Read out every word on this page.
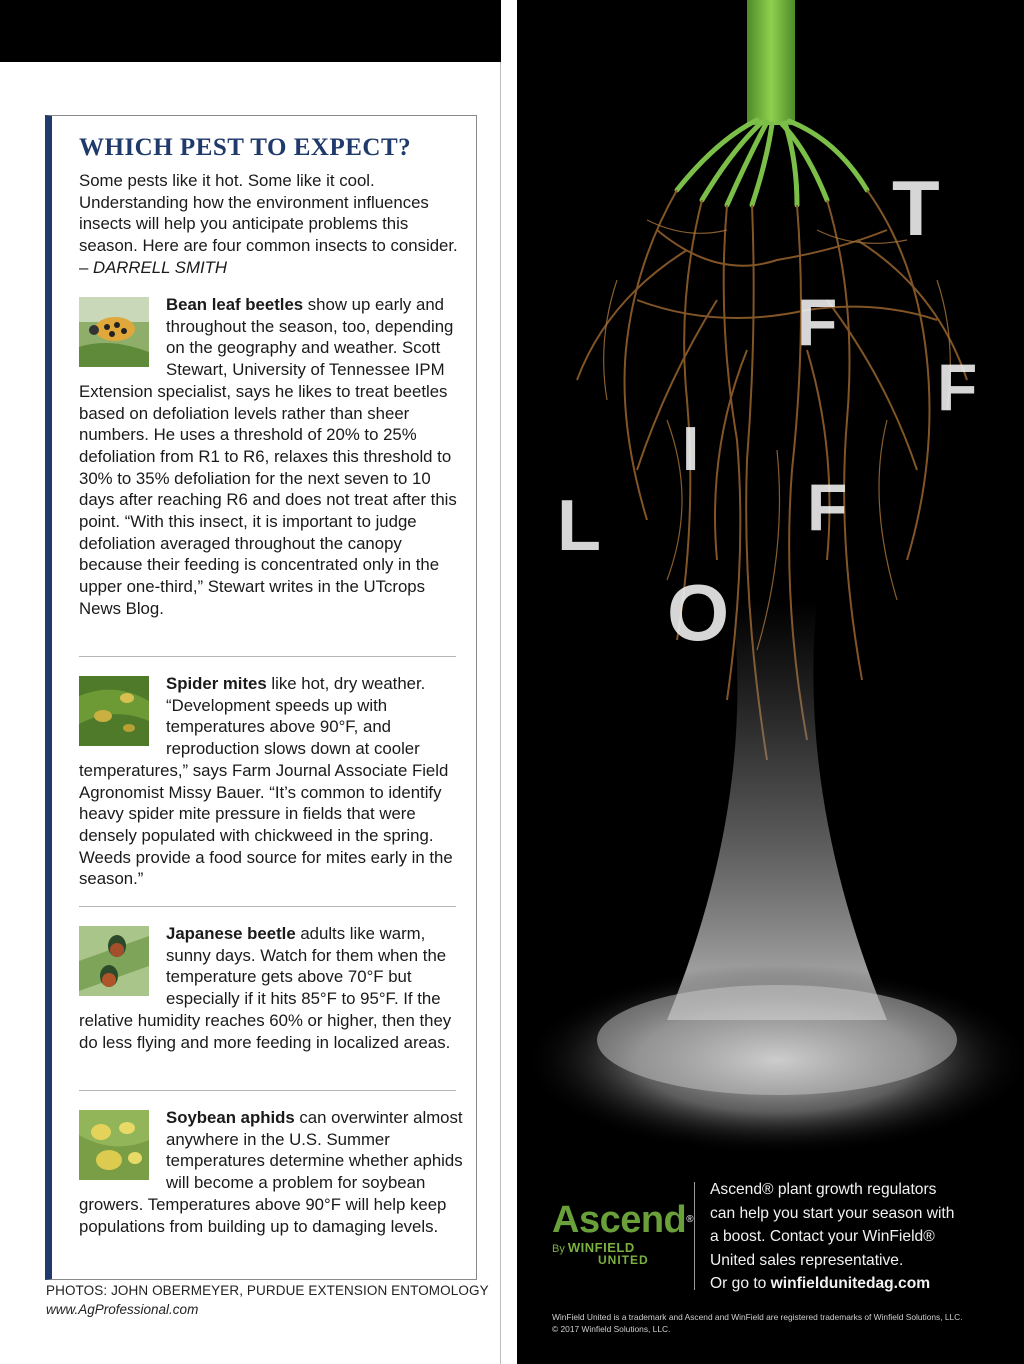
WHICH PEST TO EXPECT?

Some pests like it hot. Some like it cool. Understanding how the environment influences insects will help you anticipate problems this season. Here are four common insects to consider. – DARRELL SMITH

Bean leaf beetles show up early and throughout the season, too, depending on the geography and weather. Scott Stewart, University of Tennessee IPM Extension specialist, says he likes to treat beetles based on defoliation levels rather than sheer numbers. He uses a threshold of 20% to 25% defoliation from R1 to R6, relaxes this threshold to 30% to 35% defoliation for the next seven to 10 days after reaching R6 and does not treat after this point. “With this insect, it is important to judge defoliation averaged throughout the canopy because their feeding is concentrated only in the upper one-third,” Stewart writes in the UTcrops News Blog.

Spider mites like hot, dry weather. “Development speeds up with temperatures above 90°F, and reproduction slows down at cooler temperatures,” says Farm Journal Associate Field Agronomist Missy Bauer. “It’s common to identify heavy spider mite pressure in fields that were densely populated with chickweed in the spring. Weeds provide a food source for mites early in the season.”

Japanese beetle adults like warm, sunny days. Watch for them when the temperature gets above 70°F but especially if it hits 85°F to 95°F. If the relative humidity reaches 60% or higher, then they do less flying and more feeding in localized areas.

Soybean aphids can overwinter almost anywhere in the U.S. Summer temperatures determine whether aphids will become a problem for soybean growers. Temperatures above 90°F will help keep populations from building up to damaging levels.

PHOTOS: JOHN OBERMEYER, PURDUE EXTENSION ENTOMOLOGY

www.AgProfessional.com

T
F
F
I
F
L
O
Ascend®
By WINFIELD
UNITED

Ascend® plant growth regulators
can help you start your season with
a boost. Contact your WinField®
United sales representative.
Or go to winfieldunitedag.com

WinField United is a trademark and Ascend and WinField are registered trademarks of Winfield Solutions, LLC.
© 2017 Winfield Solutions, LLC.
